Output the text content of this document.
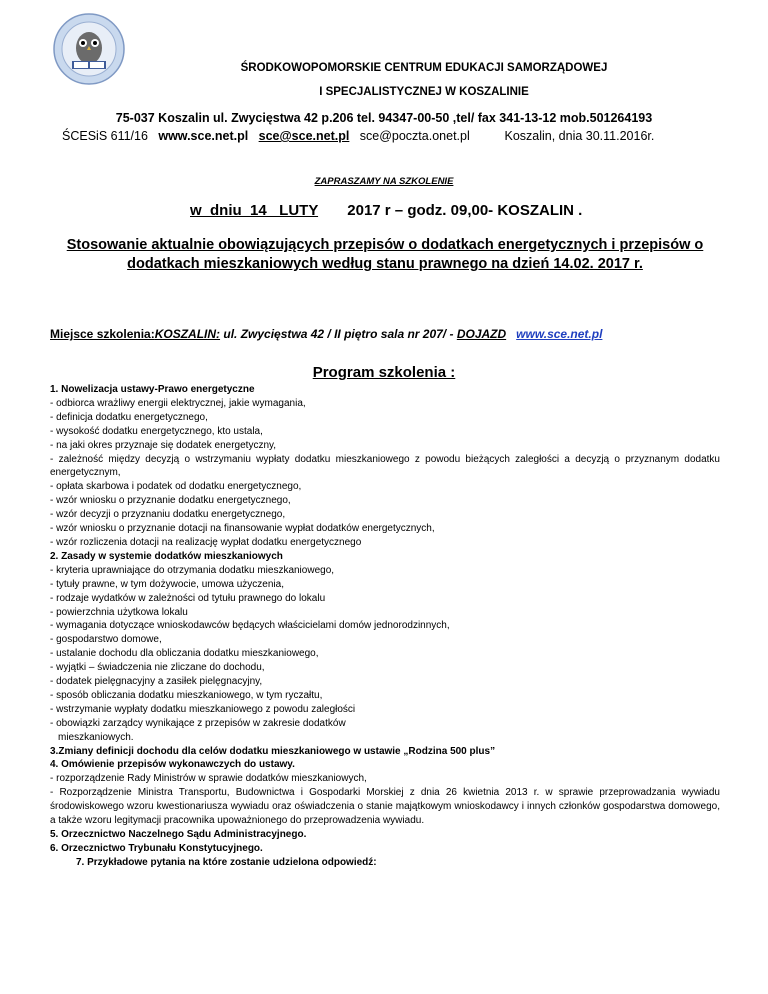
ŚRODKOWOPOMORSKIE CENTRUM EDUKACJI SAMORZĄDOWEJ
I SPECJALISTYCZNEJ W KOSZALINIE
75-037 Koszalin ul. Zwycięstwa 42 p.206 tel. 94347-00-50 ,tel/ fax 341-13-12 mob.501264193
ŚCESiS 611/16 www.sce.net.pl sce@sce.net.pl sce@poczta.onet.pl	Koszalin, dnia 30.11.2016r.
ZAPRASZAMY NA SZKOLENIE
w  dniu  14   LUTY 2017 r – godz. 09,00- KOSZALIN .
Stosowanie aktualnie obowiązujących przepisów o dodatkach energetycznych i przepisów o dodatkach mieszkaniowych według stanu prawnego na dzień 14.02. 2017 r.
Miejsce szkolenia:KOSZALIN: ul. Zwycięstwa 42 / II piętro sala nr 207/ - DOJAZD www.sce.net.pl
Program szkolenia :
1. Nowelizacja ustawy-Prawo energetyczne
- odbiorca wrażliwy energii elektrycznej, jakie wymagania,
- definicja dodatku energetycznego,
- wysokość dodatku energetycznego, kto ustala,
- na jaki okres przyznaje się dodatek energetyczny,
- zależność między decyzją o wstrzymaniu wypłaty dodatku mieszkaniowego z powodu bieżących zaległości a decyzją o przyznanym dodatku energetycznym,
- opłata skarbowa i podatek od dodatku energetycznego,
- wzór wniosku o przyznanie dodatku energetycznego,
- wzór decyzji o przyznaniu dodatku energetycznego,
- wzór wniosku o przyznanie dotacji na finansowanie wypłat dodatków energetycznych,
- wzór rozliczenia dotacji na realizację wypłat dodatku energetycznego
2. Zasady w systemie dodatków mieszkaniowych
- kryteria uprawniające do otrzymania dodatku mieszkaniowego,
- tytuły prawne, w tym dożywocie, umowa użyczenia,
- rodzaje wydatków w zależności od tytułu prawnego do lokalu
- powierzchnia użytkowa lokalu
- wymagania dotyczące wnioskodawców będących właścicielami domów jednorodzinnych,
- gospodarstwo domowe,
- ustalanie dochodu dla obliczania dodatku mieszkaniowego,
- wyjątki – świadczenia nie zliczane do dochodu,
- dodatek pielęgnacyjny a zasiłek pielęgnacyjny,
- sposób obliczania dodatku mieszkaniowego, w tym ryczałtu,
- wstrzymanie wypłaty dodatku mieszkaniowego z powodu zaległości
- obowiązki zarządcy wynikające z przepisów w zakresie dodatków
mieszkaniowych.
3.Zmiany definicji dochodu dla celów dodatku mieszkaniowego w ustawie „Rodzina 500 plus”
4. Omówienie przepisów wykonawczych do ustawy.
- rozporządzenie Rady Ministrów w sprawie dodatków mieszkaniowych,
- Rozporządzenie Ministra Transportu, Budownictwa i Gospodarki Morskiej z dnia 26 kwietnia 2013 r. w sprawie przeprowadzania wywiadu środowiskowego wzoru kwestionariusza wywiadu oraz oświadczenia o stanie majątkowym wnioskodawcy i innych członków gospodarstwa domowego, a także wzoru legitymacji pracownika upoważnionego do przeprowadzenia wywiadu.
5. Orzecznictwo Naczelnego Sądu Administracyjnego.
6. Orzecznictwo Trybunału Konstytucyjnego.
7. Przykładowe pytania na które zostanie udzielona odpowiedź:
